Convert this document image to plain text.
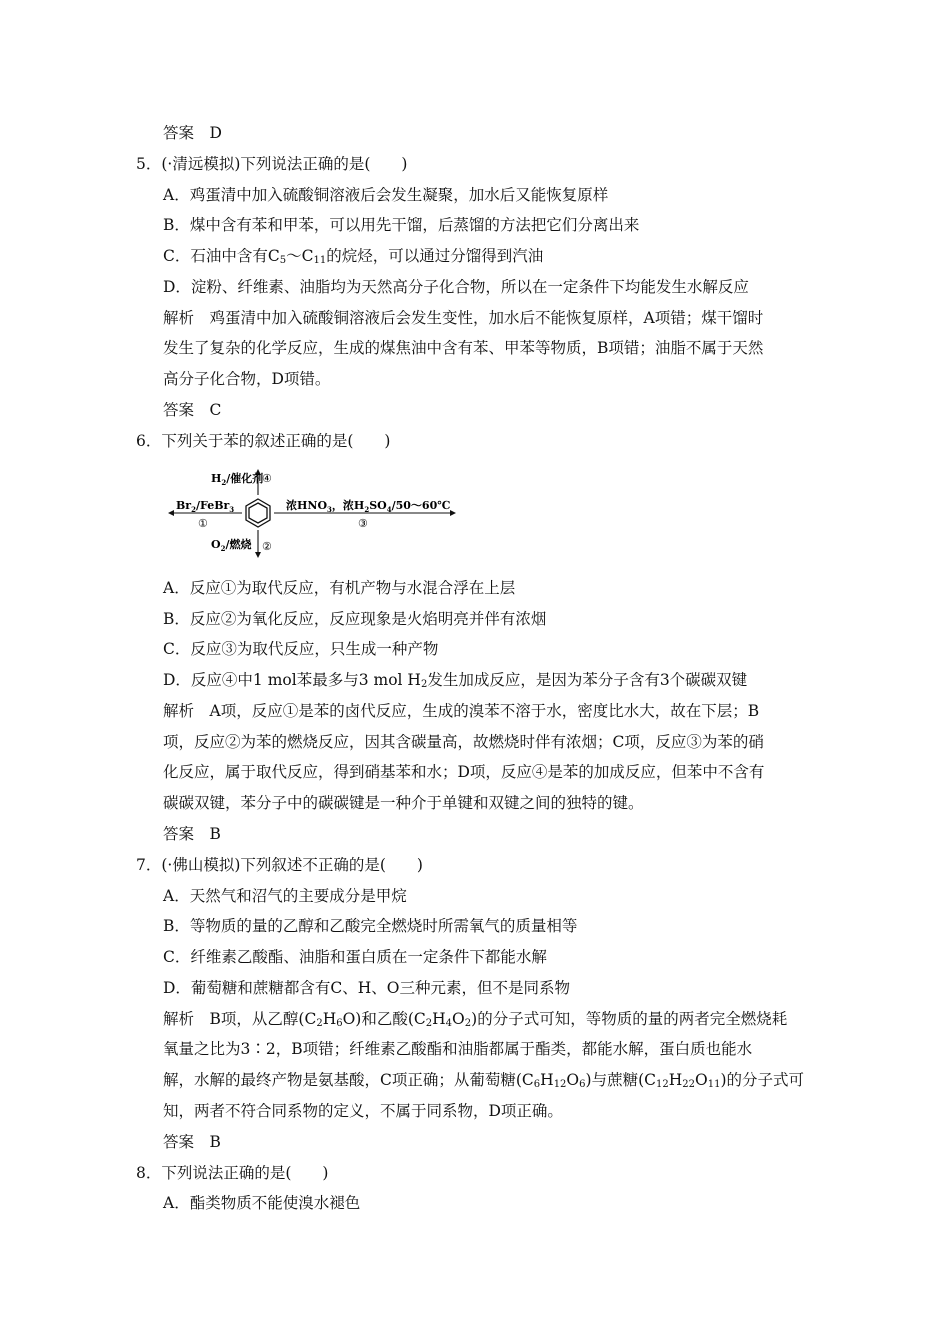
答案　D
5．(·清远模拟)下列说法正确的是(　　)
A．鸡蛋清中加入硫酸铜溶液后会发生凝聚，加水后又能恢复原样
B．煤中含有苯和甲苯，可以用先干馏，后蒸馏的方法把它们分离出来
C．石油中含有$C_5\sim C_{11}$的烷烃，可以通过分馏得到汽油
D．淀粉、纤维素、油脂均为天然高分子化合物，所以在一定条件下均能发生水解反应
解析　鸡蛋清中加入硫酸铜溶液后会发生变性，加水后不能恢复原样，A项错；煤干馏时
发生了复杂的化学反应，生成的煤焦油中含有苯、甲苯等物质，B项错；油脂不属于天然
高分子化合物，D项错。
答案　C
6．下列关于苯的叙述正确的是(　　)
$H_2/$催化剂
④
$Br_2/FeBr_3$
①
浓$HNO_3$，浓$H_2SO_4/50\sim 60℃$
③
$O_2/$燃烧 ②
A．反应①为取代反应，有机产物与水混合浮在上层
B．反应②为氧化反应，反应现象是火焰明亮并伴有浓烟
C．反应③为取代反应，只生成一种产物
D．反应④中1 mol苯最多与3 mol $H_2$发生加成反应，是因为苯分子含有3个碳碳双键
解析　A项，反应①是苯的卤代反应，生成的溴苯不溶于水，密度比水大，故在下层；B
项，反应②为苯的燃烧反应，因其含碳量高，故燃烧时伴有浓烟；C项，反应③为苯的硝
化反应，属于取代反应，得到硝基苯和水；D项，反应④是苯的加成反应，但苯中不含有
碳碳双键，苯分子中的碳碳键是一种介于单键和双键之间的独特的键。
答案　B
7．(·佛山模拟)下列叙述不正确的是(　　)
A．天然气和沼气的主要成分是甲烷
B．等物质的量的乙醇和乙酸完全燃烧时所需氧气的质量相等
C．纤维素乙酸酯、油脂和蛋白质在一定条件下都能水解
D．葡萄糖和蔗糖都含有C、H、O三种元素，但不是同系物
解析　B项，从乙醇$(C_2H_6O)$和乙酸$(C_2H_4O_2)$的分子式可知，等物质的量的两者完全燃烧耗
氧量之比为3∶2，B项错；纤维素乙酸酯和油脂都属于酯类，都能水解，蛋白质也能水
解，水解的最终产物是氨基酸，C项正确；从葡萄糖$(C_6H_{12}O_6)$与蔗糖$(C_{12}H_{22}O_{11})$的分子式可
知，两者不符合同系物的定义，不属于同系物，D项正确。
答案　B
8．下列说法正确的是(　　)
A．酯类物质不能使溴水褪色
